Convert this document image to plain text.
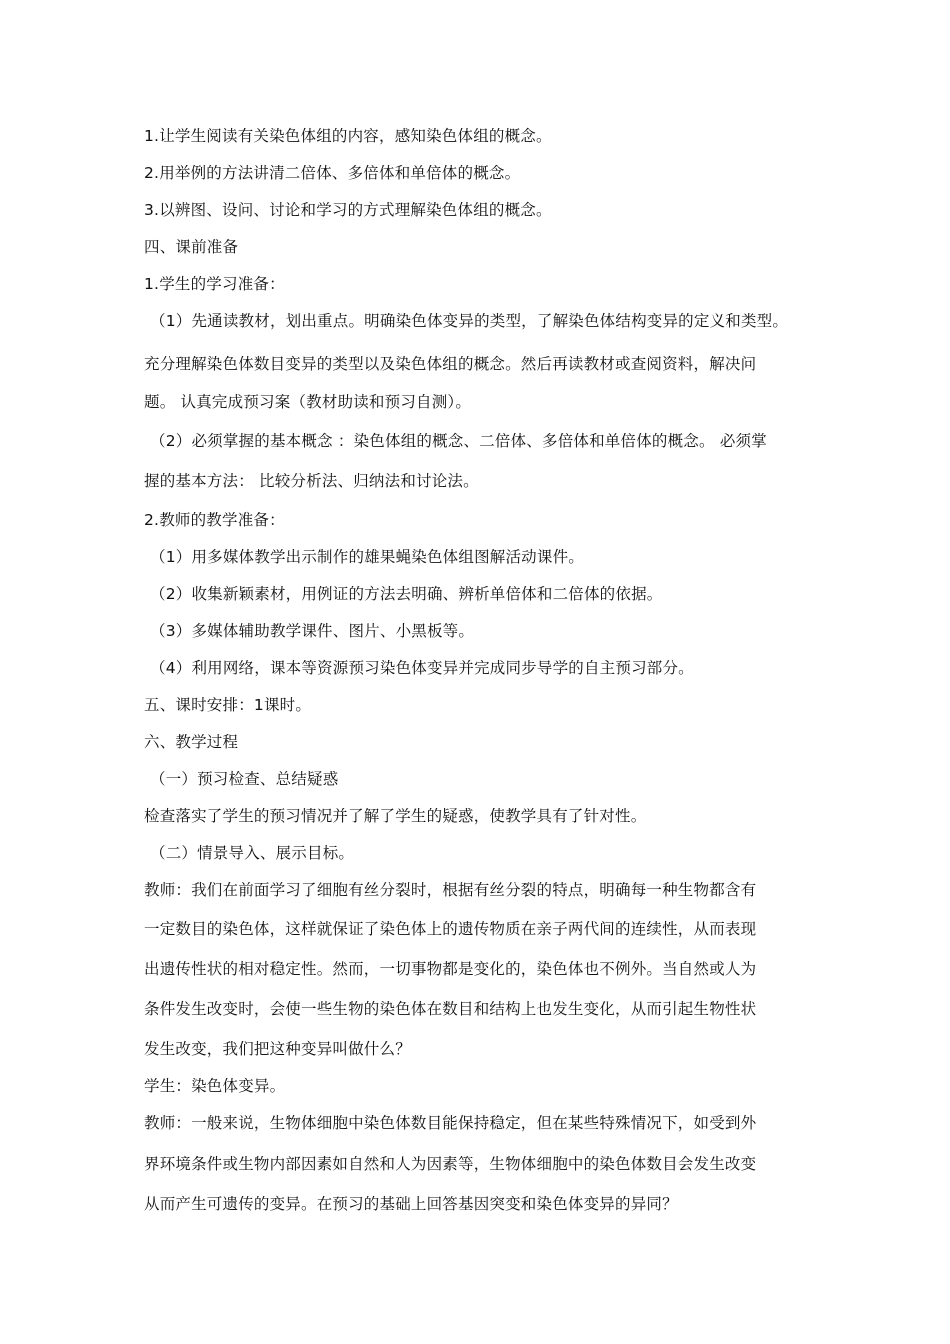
1.让学生阅读有关染色体组的内容，感知染色体组的概念。
2.用举例的方法讲清二倍体、多倍体和单倍体的概念。
3.以辨图、设问、讨论和学习的方式理解染色体组的概念。
四、课前准备
1.学生的学习准备：
（1）先通读教材，划出重点。明确染色体变异的类型，了解染色体结构变异的定义和类型。
充分理解染色体数目变异的类型以及染色体组的概念。然后再读教材或查阅资料，解决问
题。 认真完成预习案（教材助读和预习自测）。
（2）必须掌握的基本概念 ：染色体组的概念、二倍体、多倍体和单倍体的概念。 必须掌
握的基本方法： 比较分析法、归纳法和讨论法。
2.教师的教学准备：
（1）用多媒体教学出示制作的雄果蝇染色体组图解活动课件。
（2）收集新颖素材，用例证的方法去明确、辨析单倍体和二倍体的依据。
（3）多媒体辅助教学课件、图片、小黑板等。
（4）利用网络，课本等资源预习染色体变异并完成同步导学的自主预习部分。
五、课时安排：1课时。
六、教学过程
（一）预习检查、总结疑惑
检查落实了学生的预习情况并了解了学生的疑惑，使教学具有了针对性。
（二）情景导入、展示目标。
教师：我们在前面学习了细胞有丝分裂时，根据有丝分裂的特点，明确每一种生物都含有
一定数目的染色体，这样就保证了染色体上的遗传物质在亲子两代间的连续性，从而表现
出遗传性状的相对稳定性。然而，一切事物都是变化的，染色体也不例外。当自然或人为
条件发生改变时，会使一些生物的染色体在数目和结构上也发生变化，从而引起生物性状
发生改变，我们把这种变异叫做什么？
学生：染色体变异。
教师：一般来说，生物体细胞中染色体数目能保持稳定，但在某些特殊情况下，如受到外
界环境条件或生物内部因素如自然和人为因素等，生物体细胞中的染色体数目会发生改变
从而产生可遗传的变异。在预习的基础上回答基因突变和染色体变异的异同？
